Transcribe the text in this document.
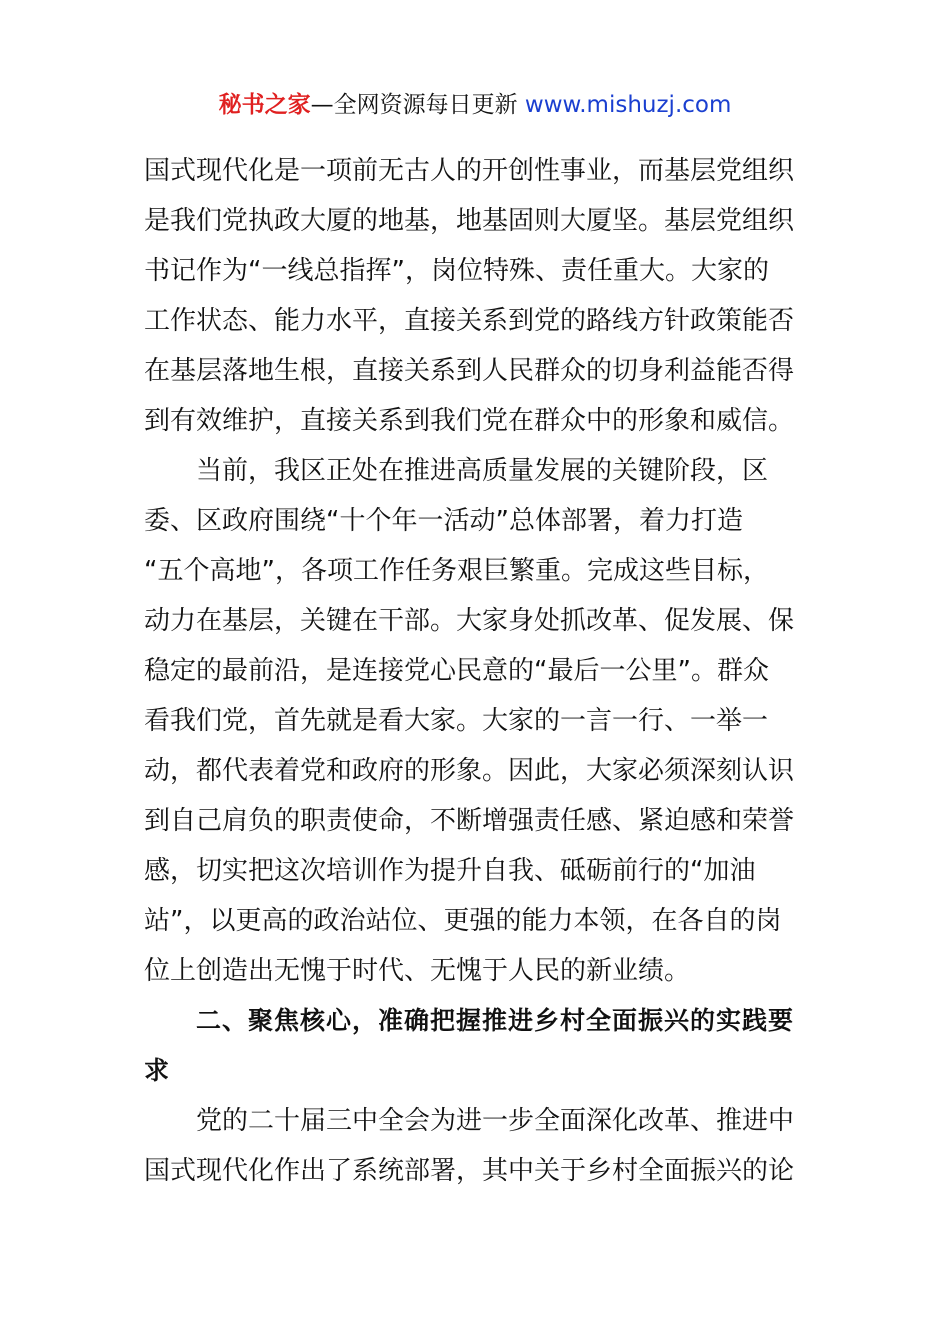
秘书之家—全网资源每日更新 www.mishuzj.com
国式现代化是一项前无古人的开创性事业，而基层党组织
是我们党执政大厦的地基，地基固则大厦坚。基层党组织
书记作为“一线总指挥”，岗位特殊、责任重大。大家的
工作状态、能力水平，直接关系到党的路线方针政策能否
在基层落地生根，直接关系到人民群众的切身利益能否得
到有效维护，直接关系到我们党在群众中的形象和威信。
当前，我区正处在推进高质量发展的关键阶段，区
委、区政府围绕“十个年一活动”总体部署，着力打造
“五个高地”，各项工作任务艰巨繁重。完成这些目标，
动力在基层，关键在干部。大家身处抓改革、促发展、保
稳定的最前沿，是连接党心民意的“最后一公里”。群众
看我们党，首先就是看大家。大家的一言一行、一举一
动，都代表着党和政府的形象。因此，大家必须深刻认识
到自己肩负的职责使命，不断增强责任感、紧迫感和荣誉
感，切实把这次培训作为提升自我、砥砺前行的“加油
站”，以更高的政治站位、更强的能力本领，在各自的岗
位上创造出无愧于时代、无愧于人民的新业绩。
二、聚焦核心，准确把握推进乡村全面振兴的实践要
求
党的二十届三中全会为进一步全面深化改革、推进中
国式现代化作出了系统部署，其中关于乡村全面振兴的论
